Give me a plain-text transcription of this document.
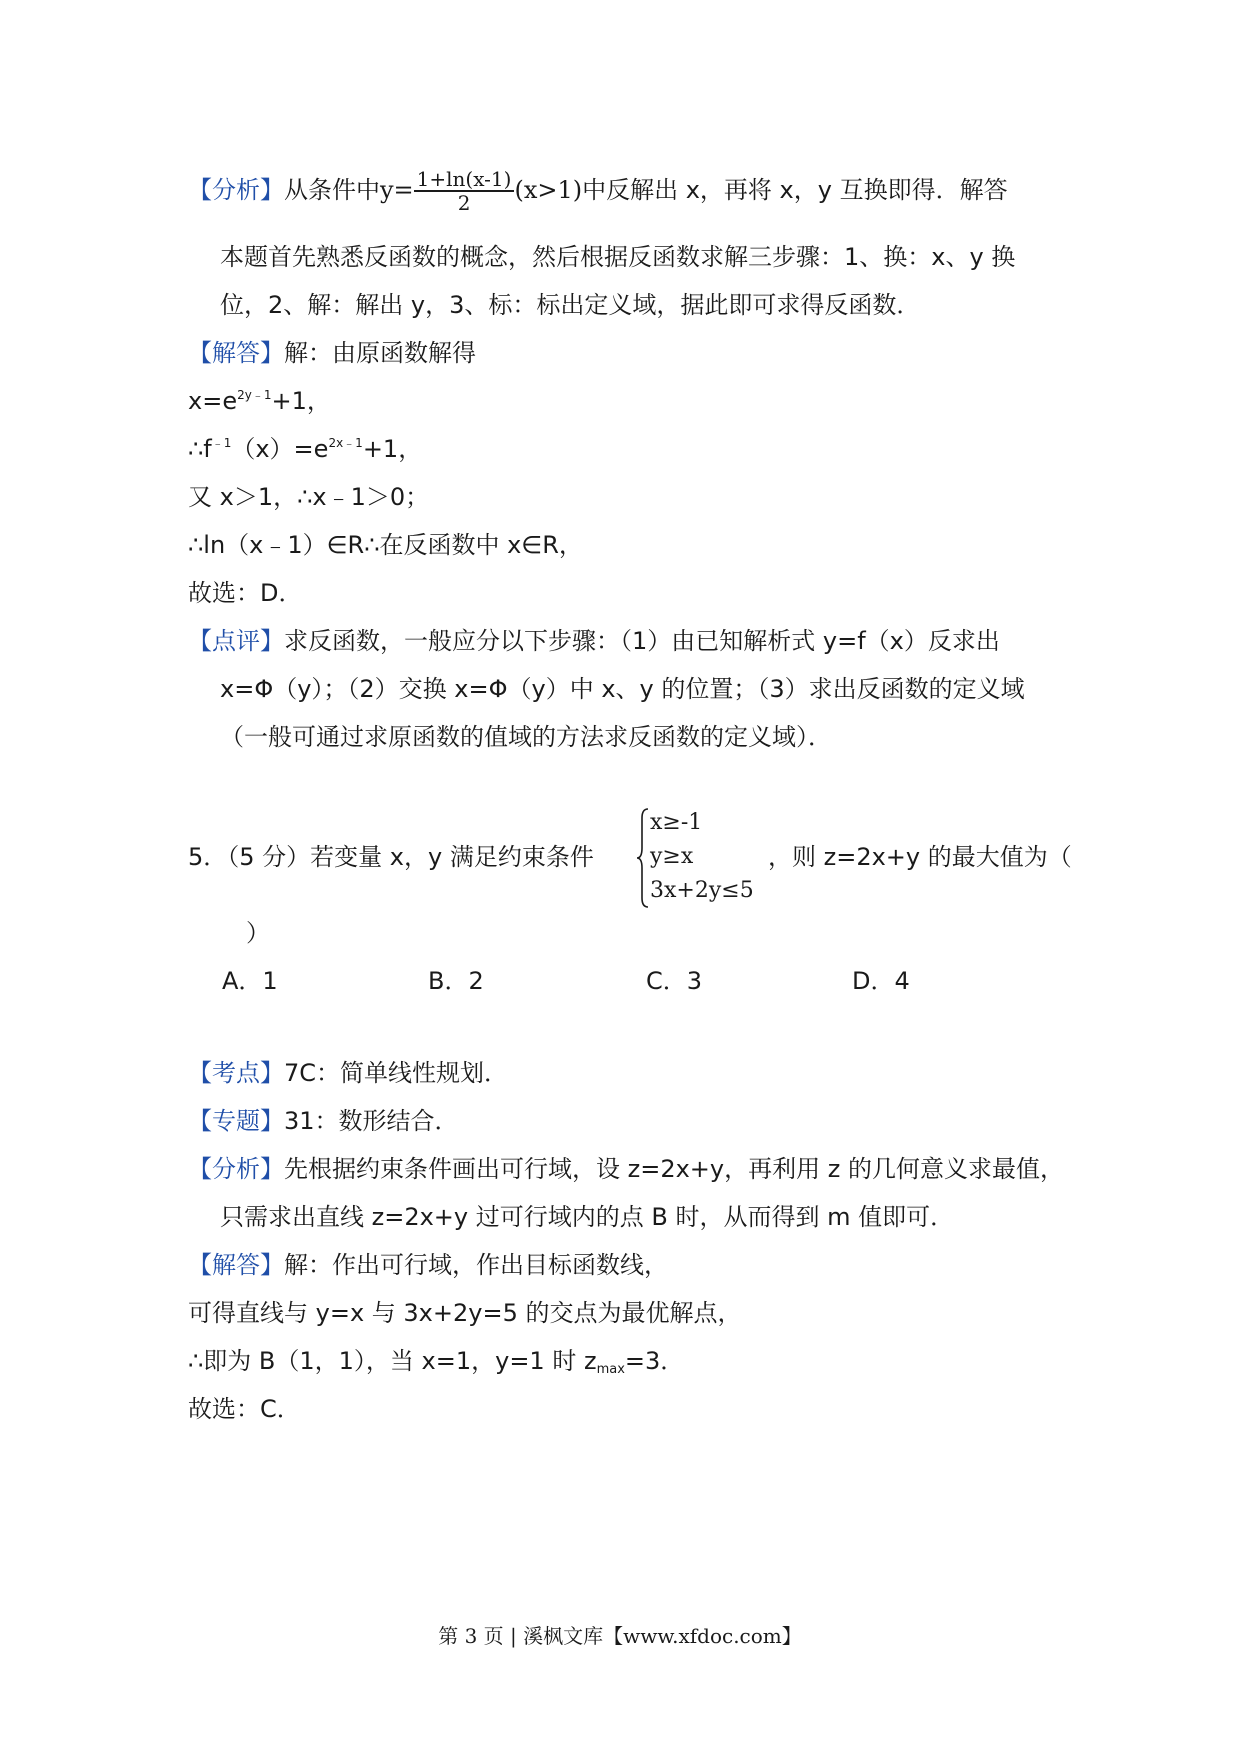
【分析】从条件中$y= \frac{1+\ln(x-1)}{2} (x>1)$中反解出 x，再将 x，y 互换即得．解答
本题首先熟悉反函数的概念，然后根据反函数求解三步骤：1、换：x、y 换
位，2、解：解出 y，3、标：标出定义域，据此即可求得反函数．
【解答】解：由原函数解得
$x=e^{2y﹣1}+1$，
$\therefore f^{﹣1}(x)=e^{2x﹣1}+1$，
又 x＞1，∴x﹣1＞0；
∴ln（x﹣1）∈R∴在反函数中 x∈R，
故选：D．
【点评】求反函数，一般应分以下步骤：（1）由已知解析式 y=f（x）反求出
x=Φ（y）；（2）交换 x=Φ（y）中 x、y 的位置；（3）求出反函数的定义域
（一般可通过求原函数的值域的方法求反函数的定义域）．
5．（5 分）若变量 x，y 满足约束条件
x≥-1
y≥x
3x+2y≤5
，则 z=2x+y 的最大值为（
）
A．1	B．2	C．3	D．4
【考点】7C：简单线性规划．
【专题】31：数形结合．
【分析】先根据约束条件画出可行域，设 z=2x+y，再利用 z 的几何意义求最值，
只需求出直线 z=2x+y 过可行域内的点 B 时，从而得到 m 值即可．
【解答】解：作出可行域，作出目标函数线，
可得直线与 y=x 与 3x+2y=5 的交点为最优解点，
∴即为 B（1，1），当 x=1，y=1 时 $z_{max}=3$．
故选：C．
第 3 页 | 溪枫文库【www.xfdoc.com】
